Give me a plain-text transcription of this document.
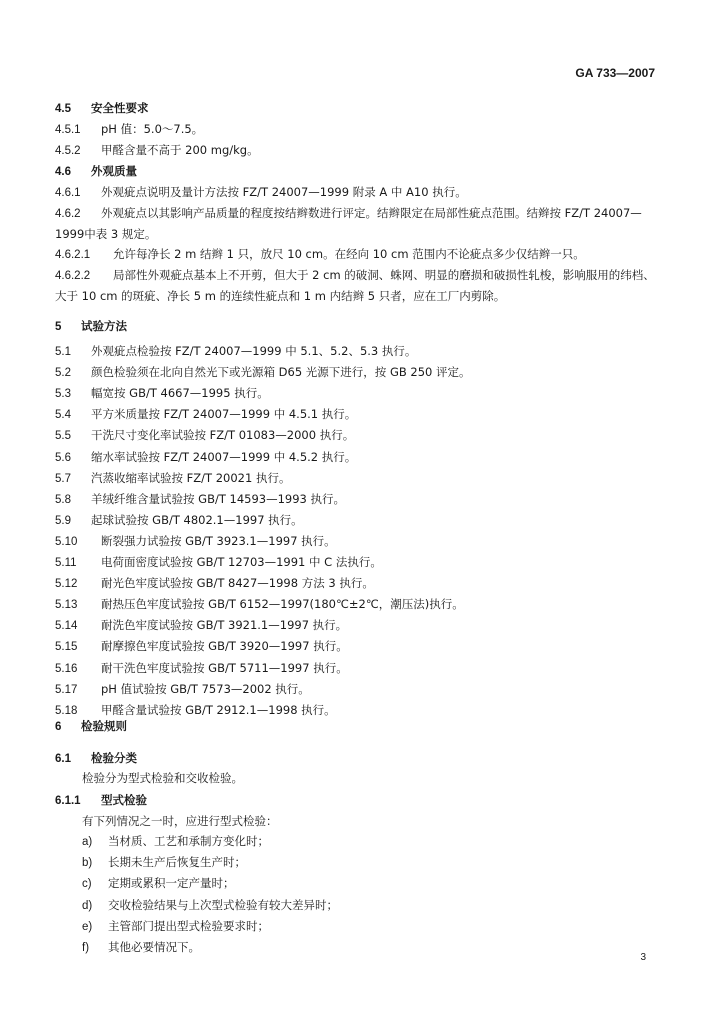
GA 733—2007
4.5 安全性要求
4.5.1 pH 值：5.0～7.5。
4.5.2 甲醛含量不高于 200 mg/kg。
4.6 外观质量
4.6.1 外观疵点说明及量计方法按 FZ/T 24007—1999 附录 A 中 A10 执行。
4.6.2 外观疵点以其影响产品质量的程度按结辫数进行评定。结辫限定在局部性疵点范围。结辫按 FZ/T 24007—1999中表 3 规定。
4.6.2.1 允许每净长 2 m 结辫 1 只，放尺 10 cm。在经向 10 cm 范围内不论疵点多少仅结辫一只。
4.6.2.2 局部性外观疵点基本上不开剪，但大于 2 cm 的破洞、蛛网、明显的磨损和破损性轧梭，影响服用的纬档、大于 10 cm 的斑疵、净长 5 m 的连续性疵点和 1 m 内结辫 5 只者，应在工厂内剪除。
5 试验方法
5.1 外观疵点检验按 FZ/T 24007—1999 中 5.1、5.2、5.3 执行。
5.2 颜色检验须在北向自然光下或光源箱 D65 光源下进行，按 GB 250 评定。
5.3 幅宽按 GB/T 4667—1995 执行。
5.4 平方米质量按 FZ/T 24007—1999 中 4.5.1 执行。
5.5 干洗尺寸变化率试验按 FZ/T 01083—2000 执行。
5.6 缩水率试验按 FZ/T 24007—1999 中 4.5.2 执行。
5.7 汽蒸收缩率试验按 FZ/T 20021 执行。
5.8 羊绒纤维含量试验按 GB/T 14593—1993 执行。
5.9 起球试验按 GB/T 4802.1—1997 执行。
5.10 断裂强力试验按 GB/T 3923.1—1997 执行。
5.11 电荷面密度试验按 GB/T 12703—1991 中 C 法执行。
5.12 耐光色牢度试验按 GB/T 8427—1998 方法 3 执行。
5.13 耐热压色牢度试验按 GB/T 6152—1997(180℃±2℃，潮压法)执行。
5.14 耐洗色牢度试验按 GB/T 3921.1—1997 执行。
5.15 耐摩擦色牢度试验按 GB/T 3920—1997 执行。
5.16 耐干洗色牢度试验按 GB/T 5711—1997 执行。
5.17 pH 值试验按 GB/T 7573—2002 执行。
5.18 甲醛含量试验按 GB/T 2912.1—1998 执行。
6 检验规则
6.1 检验分类
检验分为型式检验和交收检验。
6.1.1 型式检验
有下列情况之一时，应进行型式检验：
a) 当材质、工艺和承制方变化时；
b) 长期未生产后恢复生产时；
c) 定期或累积一定产量时；
d) 交收检验结果与上次型式检验有较大差异时；
e) 主管部门提出型式检验要求时；
f) 其他必要情况下。
3
